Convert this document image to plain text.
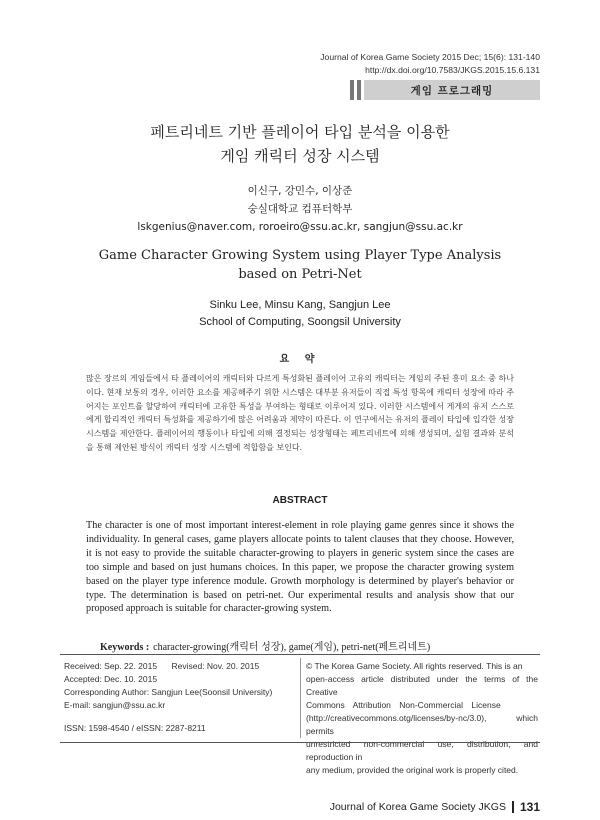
Journal of Korea Game Society 2015 Dec; 15(6): 131-140
http://dx.doi.org/10.7583/JKGS.2015.15.6.131
게임 프로그래밍
페트리네트 기반 플레이어 타입 분석을 이용한
게임 캐릭터 성장 시스템
이신구, 강민수, 이상준
숭실대학교 컴퓨터학부
lskgenius@naver.com, roroeiro@ssu.ac.kr, sangjun@ssu.ac.kr
Game Character Growing System using Player Type Analysis
based on Petri-Net
Sinku Lee, Minsu Kang, Sangjun Lee
School of Computing, Soongsil University
요 약
많은 장르의 게임들에서 타 플레이어의 캐릭터와 다르게 특성화된 플레이어 고유의 캐릭터는 게임의 주된 흥미 요소 중 하나이다. 현재 보통의 경우, 이러한 요소를 제공해주기 위한 시스템은 대부분 유저들이 직접 특성 항목에 캐릭터 성장에 따라 주어지는 포인트를 할당하여 캐릭터에 고유한 특성을 부여하는 형태로 이루어져 있다. 이러한 시스템에서 게게의 유저 스스로에게 합리적인 캐릭터 특성화를 제공하기에 많은 어려움과 제약이 따른다. 이 연구에서는 유저의 플레이 타입에 입각한 성장 시스템을 제안한다. 플레이어의 행동이나 타입에 의해 결정되는 성장형태는 페트리네트에 의해 생성되며, 실험 결과와 분석을 통해 제안된 방식이 캐릭터 성장 시스템에 적합함을 보인다.
ABSTRACT
The character is one of most important interest-element in role playing game genres since it shows the individuality. In general cases, game players allocate points to talent clauses that they choose. However, it is not easy to provide the suitable character-growing to players in generic system since the cases are too simple and based on just humans choices. In this paper, we propose the character growing system based on the player type inference module. Growth morphology is determined by player's behavior or type. The determination is based on petri-net. Our experimental results and analysis show that our proposed approach is suitable for character-growing system.
Keywords : character-growing(캐릭터 성장), game(게임), petri-net(페트리네트)
Received: Sep. 22. 2015 Revised: Nov. 20. 2015
Accepted: Dec. 10. 2015
Corresponding Author: Sangjun Lee(Soonsil University)
E-mail: sangjun@ssu.ac.kr
ISSN: 1598-4540 / eISSN: 2287-8211
© The Korea Game Society. All rights reserved. This is an
open-access article distributed under the terms of the Creative
Commons Attribution Non-Commercial License
(http://creativecommons.otg/licenses/by-nc/3.0), which permits
unrestricted non-commercial use, distribution, and reproduction in
any medium, provided the original work is properly cited.
Journal of Korea Game Society JKGS 131
